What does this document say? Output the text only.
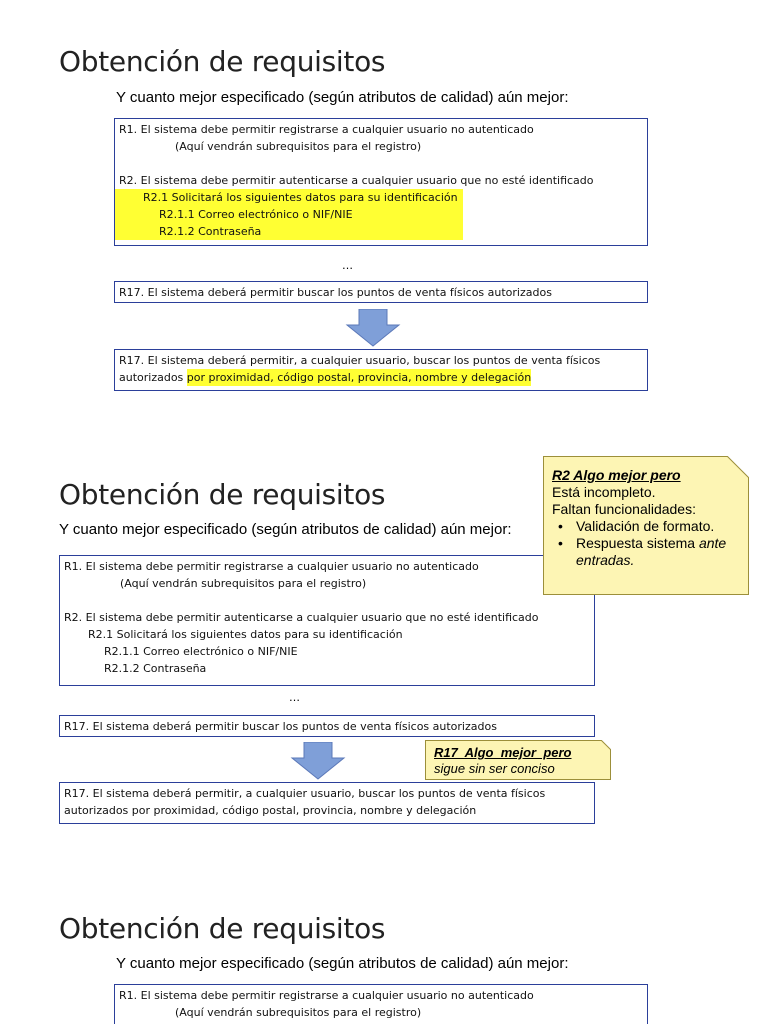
Obtención de requisitos
Y cuanto mejor especificado (según atributos de calidad) aún mejor:
R1. El sistema debe permitir registrarse a cualquier usuario no autenticado
(Aquí vendrán subrequisitos para el registro)
R2. El sistema debe permitir autenticarse a cualquier usuario que no esté identificado
R2.1 Solicitará los siguientes datos para su identificación
R2.1.1 Correo electrónico o NIF/NIE
R2.1.2 Contraseña
…
R17. El sistema deberá permitir buscar los puntos de venta físicos autorizados
R17. El sistema deberá permitir, a cualquier usuario, buscar los puntos de venta físicos
autorizados por proximidad, código postal, provincia, nombre y delegación
Obtención de requisitos
Y cuanto mejor especificado (según atributos de calidad) aún mejor:
R1. El sistema debe permitir registrarse a cualquier usuario no autenticado
(Aquí vendrán subrequisitos para el registro)
R2. El sistema debe permitir autenticarse a cualquier usuario que no esté identificado
R2.1 Solicitará los siguientes datos para su identificación
R2.1.1 Correo electrónico o NIF/NIE
R2.1.2 Contraseña
…
R17. El sistema deberá permitir buscar los puntos de venta físicos autorizados
R17. El sistema deberá permitir, a cualquier usuario, buscar los puntos de venta físicos
autorizados por proximidad, código postal, provincia, nombre y delegación
R2 Algo mejor pero
Está incompleto.
Faltan funcionalidades:
• Validación de formato.
• Respuesta sistema ante entradas.
R17  Algo  mejor  pero
sigue sin ser conciso
Obtención de requisitos
Y cuanto mejor especificado (según atributos de calidad) aún mejor:
R1. El sistema debe permitir registrarse a cualquier usuario no autenticado
(Aquí vendrán subrequisitos para el registro)
